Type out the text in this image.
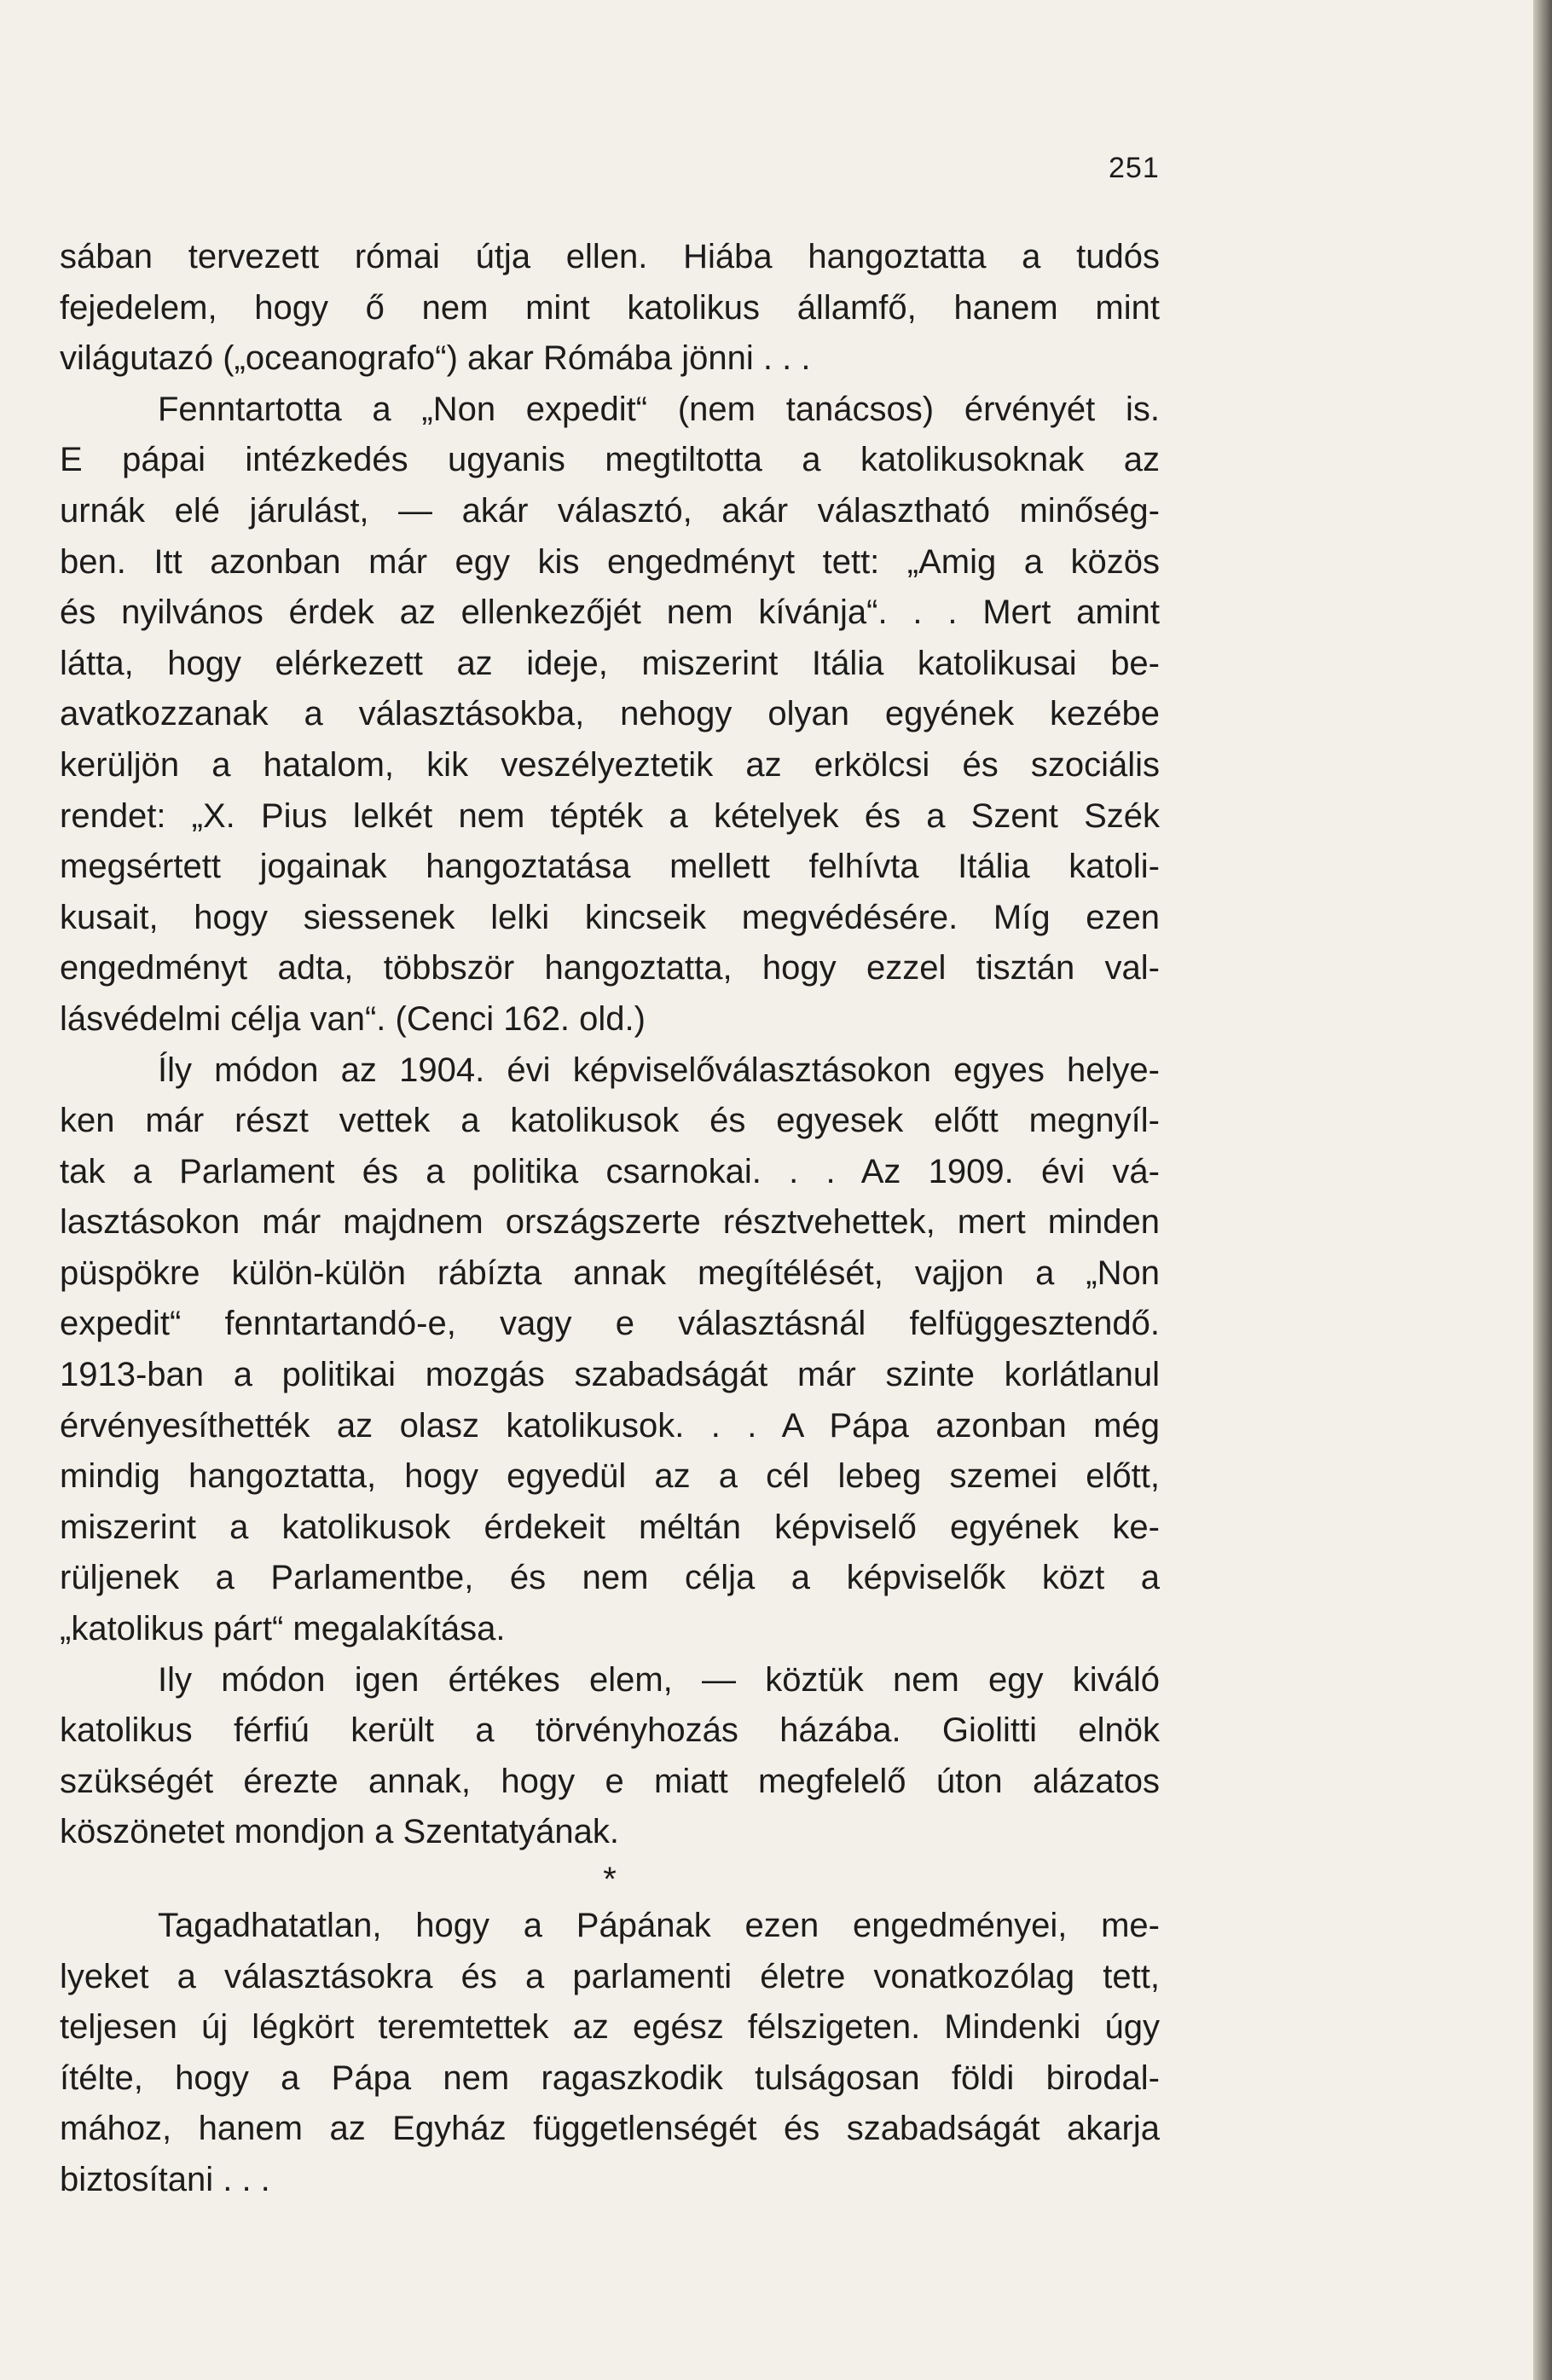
251
sában tervezett római útja ellen. Hiába hangoztatta a tudós
fejedelem, hogy ő nem mint katolikus államfő, hanem mint
világutazó („oceanografo“) akar Rómába jönni . . .
Fenntartotta a „Non expedit“ (nem tanácsos) érvényét is.
E pápai intézkedés ugyanis megtiltotta a katolikusoknak az
urnák elé járulást, — akár választó, akár választható minőség-
ben. Itt azonban már egy kis engedményt tett: „Amig a közös
és nyilvános érdek az ellenkezőjét nem kívánja“. . . Mert amint
látta, hogy elérkezett az ideje, miszerint Itália katolikusai be-
avatkozzanak a választásokba, nehogy olyan egyének kezébe
kerüljön a hatalom, kik veszélyeztetik az erkölcsi és szociális
rendet: „X. Pius lelkét nem tépték a kételyek és a Szent Szék
megsértett jogainak hangoztatása mellett felhívta Itália katoli-
kusait, hogy siessenek lelki kincseik megvédésére. Míg ezen
engedményt adta, többször hangoztatta, hogy ezzel tisztán val-
lásvédelmi célja van“. (Cenci 162. old.)
Íly módon az 1904. évi képviselőválasztásokon egyes helye-
ken már részt vettek a katolikusok és egyesek előtt megnyíl-
tak a Parlament és a politika csarnokai. . . Az 1909. évi vá-
lasztásokon már majdnem országszerte résztvehettek, mert minden
püspökre külön-külön rábízta annak megítélését, vajjon a „Non
expedit“ fenntartandó-e, vagy e választásnál felfüggesztendő.
1913-ban a politikai mozgás szabadságát már szinte korlátlanul
érvényesíthették az olasz katolikusok. . . A Pápa azonban még
mindig hangoztatta, hogy egyedül az a cél lebeg szemei előtt,
miszerint a katolikusok érdekeit méltán képviselő egyének ke-
rüljenek a Parlamentbe, és nem célja a képviselők közt a
„katolikus párt“ megalakítása.
Ily módon igen értékes elem, — köztük nem egy kiváló
katolikus férfiú került a törvényhozás házába. Giolitti elnök
szükségét érezte annak, hogy e miatt megfelelő úton alázatos
köszönetet mondjon a Szentatyának.
*
Tagadhatatlan, hogy a Pápának ezen engedményei, me-
lyeket a választásokra és a parlamenti életre vonatkozólag tett,
teljesen új légkört teremtettek az egész félszigeten. Mindenki úgy
ítélte, hogy a Pápa nem ragaszkodik tulságosan földi birodal-
mához, hanem az Egyház függetlenségét és szabadságát akarja
biztosítani . . .
